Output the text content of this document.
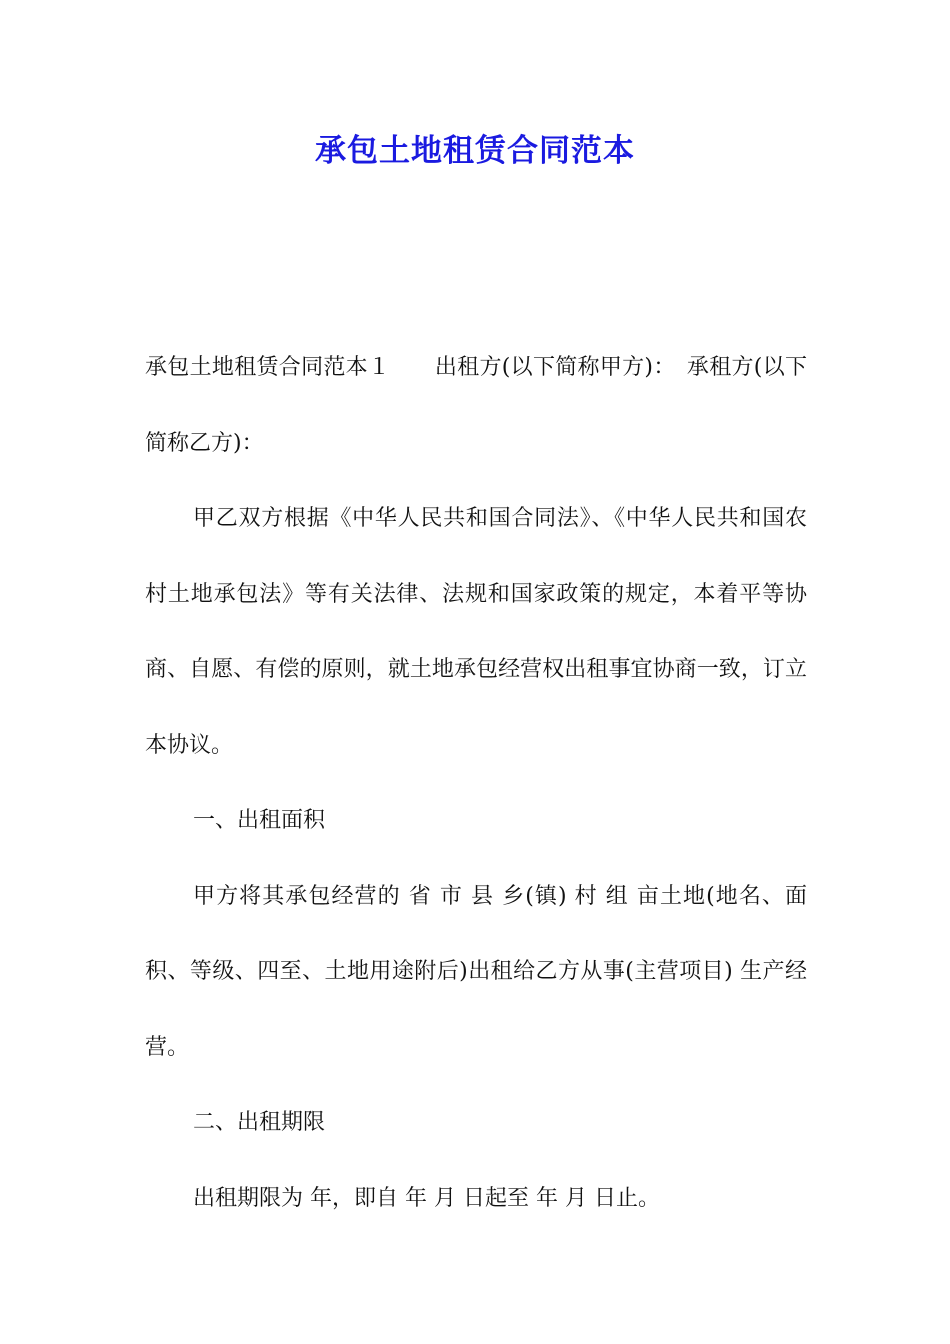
承包土地租赁合同范本

承包土地租赁合同范本１　　出租方(以下简称甲方)：　承租方(以下简称乙方)：

甲乙双方根据《中华人民共和国合同法》、《中华人民共和国农村土地承包法》等有关法律、法规和国家政策的规定，本着平等协商、自愿、有偿的原则，就土地承包经营权出租事宜协商一致，订立本协议。

一、出租面积

甲方将其承包经营的 省 市 县 乡(镇) 村 组 亩土地(地名、面积、等级、四至、土地用途附后)出租给乙方从事(主营项目) 生产经营。

二、出租期限

出租期限为 年，即自 年 月 日起至 年 月 日止。
